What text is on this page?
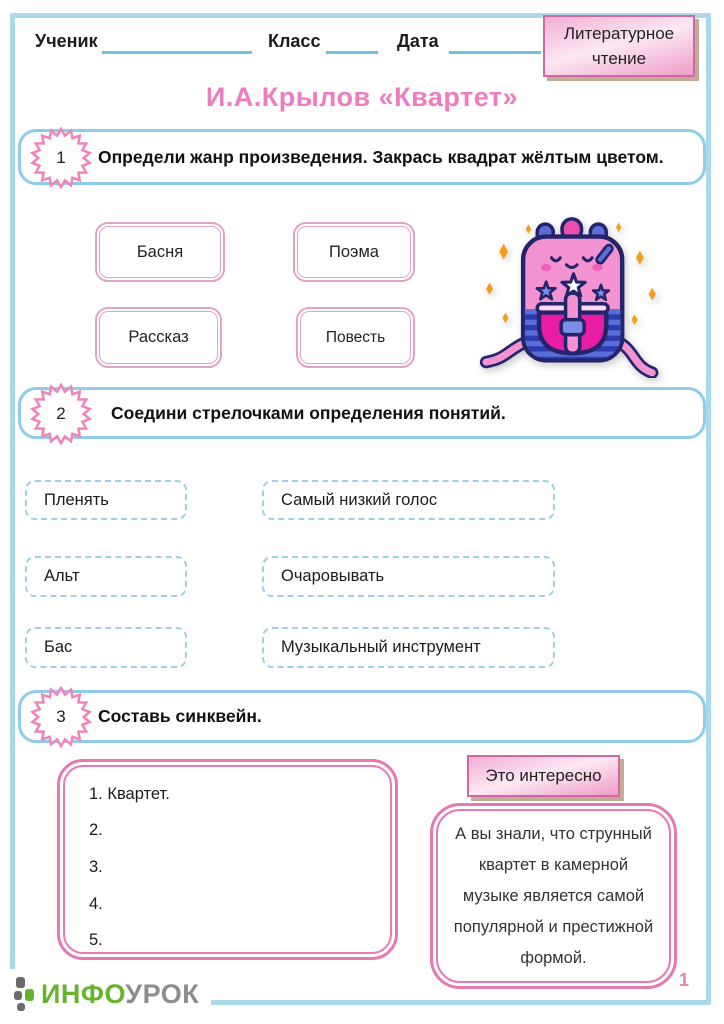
Ученик	Класс	Дата	Литературное
чтение
И.А.Крылов «Квартет»
Определи жанр произведения. Закрась квадрат жёлтым цветом.
1
Басня	Поэма
Рассказ	Повесть
Соедини стрелочками определения понятий.
2
Пленять	Самый низкий голос
Альт	Очаровывать
Бас	Музыкальный инструмент
Составь синквейн.
3
1. Квартет.
2.
3.
4.
5.
Это интересно
А вы знали, что струнный квартет в камерной музыке является самой популярной и престижной формой.
1
ИНФОУРОК
